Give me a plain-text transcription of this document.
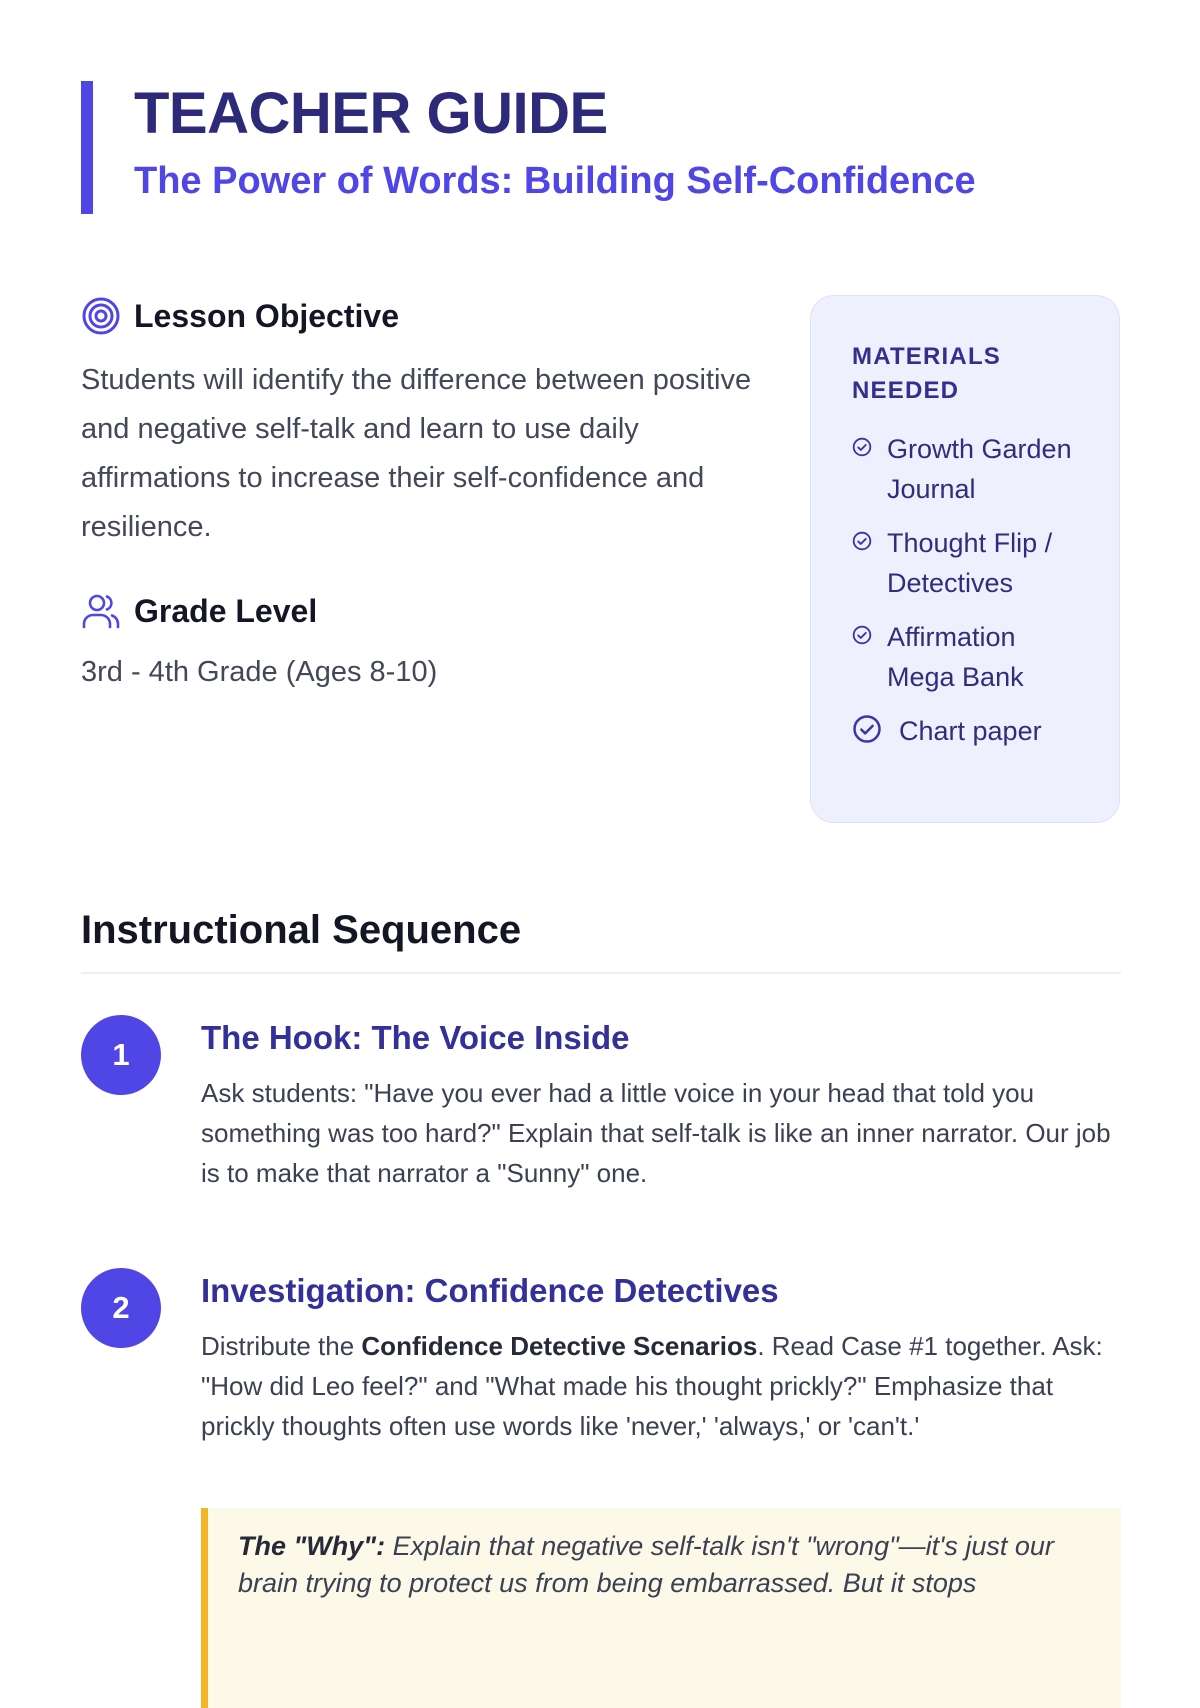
TEACHER GUIDE
The Power of Words: Building Self-Confidence
Lesson Objective
Students will identify the difference between positive and negative self-talk and learn to use daily affirmations to increase their self-confidence and resilience.
Grade Level
3rd - 4th Grade (Ages 8-10)
MATERIALS NEEDED
Growth Garden Journal
Thought Flip / Detectives
Affirmation Mega Bank
Chart paper
Instructional Sequence
1	The Hook: The Voice Inside
Ask students: "Have you ever had a little voice in your head that told you something was too hard?" Explain that self-talk is like an inner narrator. Our job is to make that narrator a "Sunny" one.
2	Investigation: Confidence Detectives
Distribute the Confidence Detective Scenarios. Read Case #1 together. Ask: "How did Leo feel?" and "What made his thought prickly?" Emphasize that prickly thoughts often use words like 'never,' 'always,' or 'can't.'
The "Why": Explain that negative self-talk isn't "wrong"—it's just our brain trying to protect us from being embarrassed. But it stops
